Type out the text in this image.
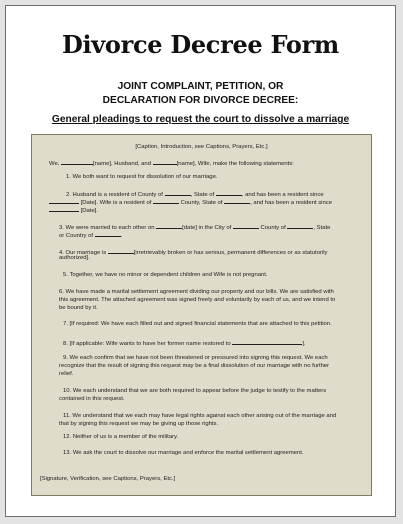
Divorce Decree Form
JOINT COMPLAINT, PETITION, OR
DECLARATION FOR DIVORCE DECREE:
General pleadings to request the court to dissolve a marriage
[Caption, Introduction, see Captions, Prayers, Etc.]
We,	[name], Husband, and	[name], Wife, make the following statements:
1. We both want to request for dissolution of our marriage.
2. Husband is a resident of County of	, State of	, and has been a resident since
[Date]. Wife is a resident of	County, State of	, and has been a resident since
[Date].
3. We were married to each other on	[date] in the City of	County of	, State
or Country of	.
4. Our marriage is	[irretrievably broken or has serious, permanent differences or as statutorily
authorized].
5. Together, we have no minor or dependent children and Wife is not pregnant.
6. We have made a marital settlement agreement dividing our property and our bills. We are satisfied with
this agreement. The attached agreement was signed freely and voluntarily by each of us, and we intend to
be bound by it.
7. [If required: We have each filled out and signed financial statements that are attached to this petition.
8. [If applicable: Wife wants to have her former name restored to	].
9. We each confirm that we have not been threatened or pressured into signing this request. We each
recognize that the result of signing this request may be a final dissolution of our marriage with no further
relief.
10. We each understand that we are both required to appear before the judge to testify to the matters
contained in this request.
11. We understand that we each may have legal rights against each other arising out of the marriage and
that by signing this request we may be giving up those rights.
12. Neither of us is a member of the military.
13. We ask the court to dissolve our marriage and enforce the marital settlement agreement.
[Signature, Verification, see Captions, Prayers, Etc.]
